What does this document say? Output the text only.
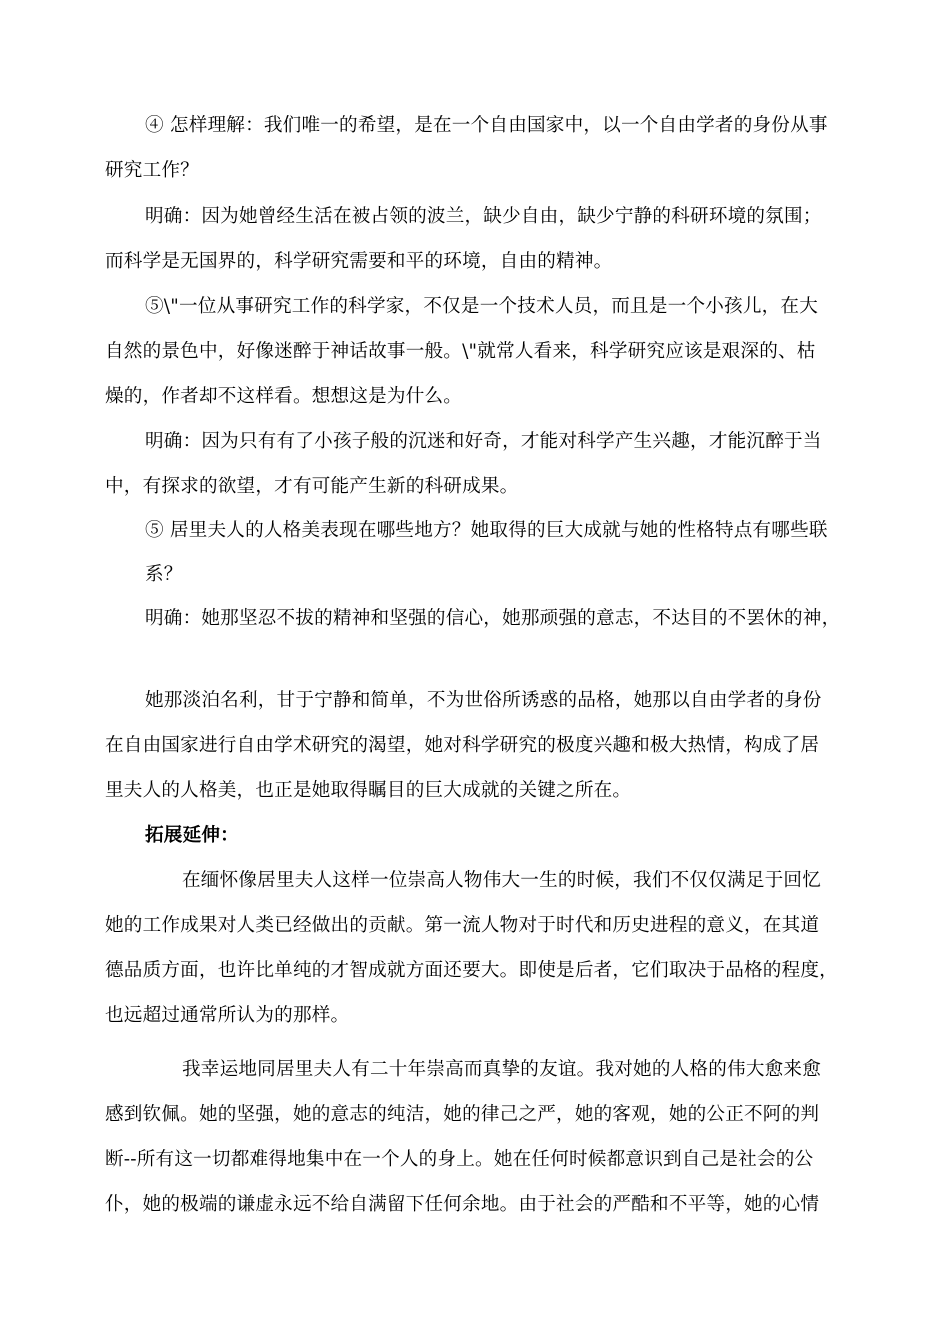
④ 怎样理解：我们唯一的希望，是在一个自由国家中，以一个自由学者的身份从事
研究工作？
明确：因为她曾经生活在被占领的波兰，缺少自由，缺少宁静的科研环境的氛围；
而科学是无国界的，科学研究需要和平的环境，自由的精神。
⑤\"一位从事研究工作的科学家，不仅是一个技术人员，而且是一个小孩儿，在大
自然的景色中，好像迷醉于神话故事一般。\"就常人看来，科学研究应该是艰深的、枯
燥的，作者却不这样看。想想这是为什么。
明确：因为只有有了小孩子般的沉迷和好奇，才能对科学产生兴趣，才能沉醉于当
中，有探求的欲望，才有可能产生新的科研成果。
⑤ 居里夫人的人格美表现在哪些地方？她取得的巨大成就与她的性格特点有哪些联
系？
明确：她那坚忍不拔的精神和坚强的信心，她那顽强的意志，不达目的不罢休的神，
她那淡泊名利，甘于宁静和简单，不为世俗所诱惑的品格，她那以自由学者的身份
在自由国家进行自由学术研究的渴望，她对科学研究的极度兴趣和极大热情，构成了居
里夫人的人格美，也正是她取得瞩目的巨大成就的关键之所在。
拓展延伸：
在缅怀像居里夫人这样一位崇高人物伟大一生的时候，我们不仅仅满足于回忆
她的工作成果对人类已经做出的贡献。第一流人物对于时代和历史进程的意义，在其道
德品质方面，也许比单纯的才智成就方面还要大。即使是后者，它们取决于品格的程度，
也远超过通常所认为的那样。
我幸运地同居里夫人有二十年崇高而真挚的友谊。我对她的人格的伟大愈来愈
感到钦佩。她的坚强，她的意志的纯洁，她的律己之严，她的客观，她的公正不阿的判
断--所有这一切都难得地集中在一个人的身上。她在任何时候都意识到自己是社会的公
仆，她的极端的谦虚永远不给自满留下任何余地。由于社会的严酷和不平等，她的心情
